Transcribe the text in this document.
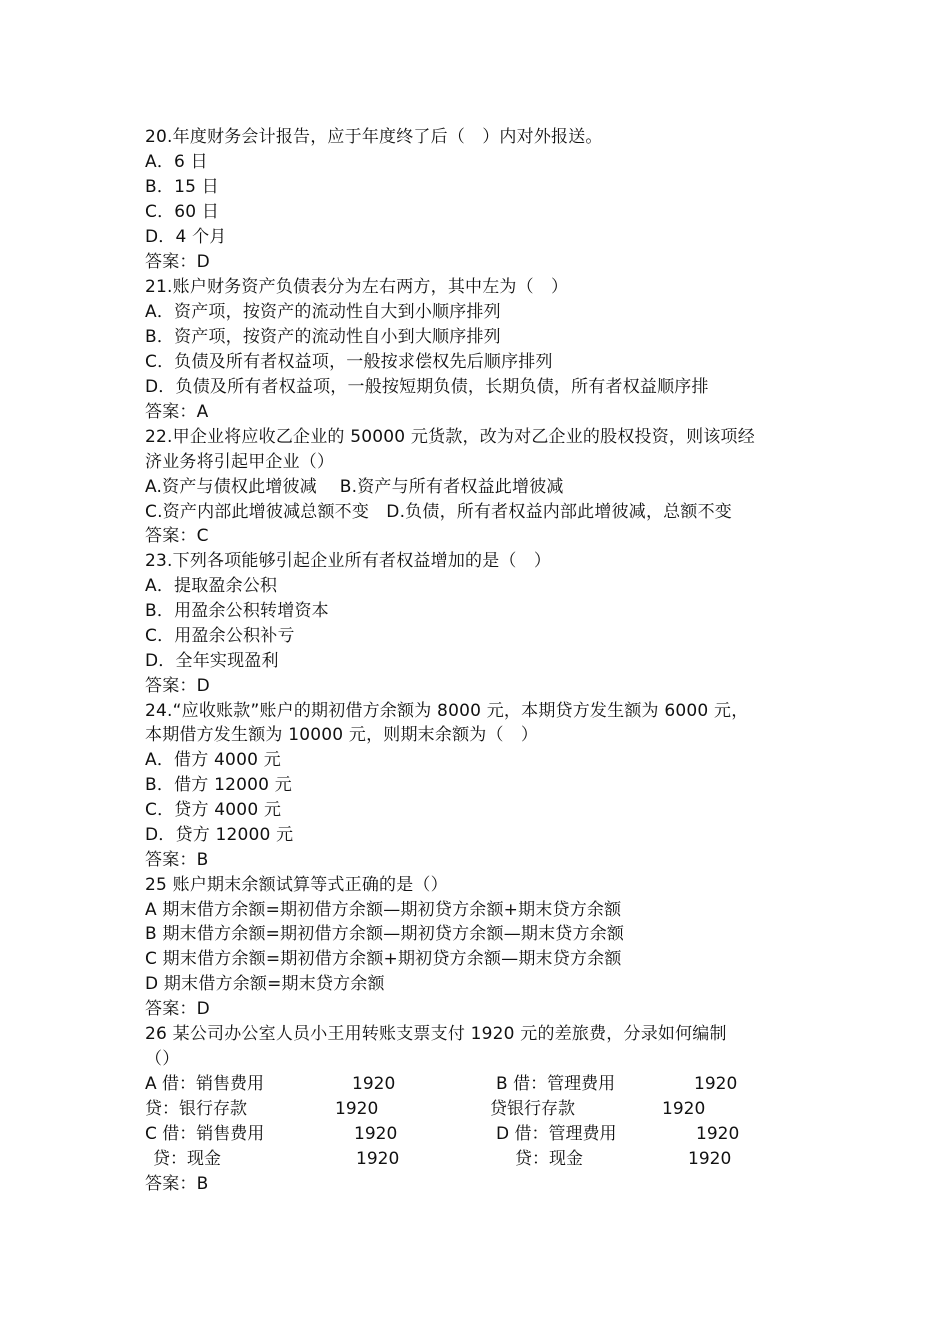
20.年度财务会计报告，应于年度终了后（　）内对外报送。
A．6 日
B．15 日
C．60 日
D．4 个月
答案：D
21.账户财务资产负债表分为左右两方，其中左为（　）
A．资产项，按资产的流动性自大到小顺序排列
B．资产项，按资产的流动性自小到大顺序排列
C．负债及所有者权益项，一般按求偿权先后顺序排列
D．负债及所有者权益项，一般按短期负债，长期负债，所有者权益顺序排
答案：A
22.甲企业将应收乙企业的 50000 元货款，改为对乙企业的股权投资，则该项经
济业务将引起甲企业（）
A.资产与债权此增彼减　 B.资产与所有者权益此增彼减
C.资产内部此增彼减总额不变　D.负债，所有者权益内部此增彼减，总额不变
答案：C
23.下列各项能够引起企业所有者权益增加的是（　）
A．提取盈余公积
B．用盈余公积转增资本
C．用盈余公积补亏
D．全年实现盈利
答案：D
24.“应收账款”账户的期初借方余额为 8000 元，本期贷方发生额为 6000 元，
本期借方发生额为 10000 元，则期末余额为（　）
A．借方 4000 元
B．借方 12000 元
C．贷方 4000 元
D．贷方 12000 元
答案：B
25 账户期末余额试算等式正确的是（）
A 期末借方余额=期初借方余额—期初贷方余额+期末贷方余额
B 期末借方余额=期初借方余额—期初贷方余额—期末贷方余额
C 期末借方余额=期初借方余额+期初贷方余额—期末贷方余额
D 期末借方余额=期末贷方余额
答案：D
26 某公司办公室人员小王用转账支票支付 1920 元的差旅费，分录如何编制
（）
A 借：销售费用	1920	B 借：管理费用	1920
贷：银行存款	1920	贷银行存款	1920
C 借：销售费用	1920	D 借：管理费用	1920
贷：现金	1920	贷：现金	1920
答案：B
